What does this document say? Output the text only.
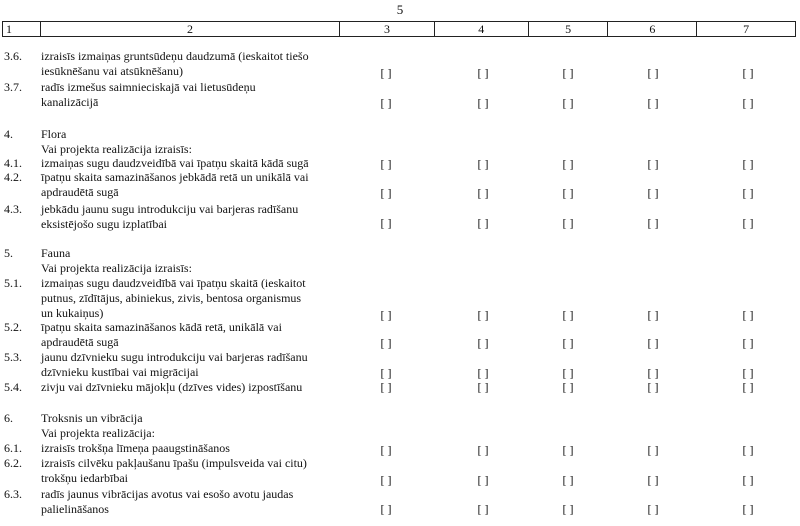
5
1	2	3	4	5	6	7
3.6. izraisīs izmaiņas gruntsūdeņu daudzumā (ieskaitot tiešo
iesūknēšanu vai atsūknēšanu)	[ ]	[ ]	[ ]	[ ]	[ ]
3.7. radīs izmešus saimnieciskajā vai lietusūdeņu
kanalizācijā	[ ]	[ ]	[ ]	[ ]	[ ]
4. Flora
Vai projekta realizācija izraisīs:
4.1. izmaiņas sugu daudzveidībā vai īpatņu skaitā kādā sugā	[ ]	[ ]	[ ]	[ ]	[ ]
4.2. īpatņu skaita samazināšanos jebkādā retā un unikālā vai
apdraudētā sugā	[ ]	[ ]	[ ]	[ ]	[ ]
4.3. jebkādu jaunu sugu introdukciju vai barjeras radīšanu
eksistējošo sugu izplatībai	[ ]	[ ]	[ ]	[ ]	[ ]
5. Fauna
Vai projekta realizācija izraisīs:
5.1. izmaiņas sugu daudzveidībā vai īpatņu skaitā (ieskaitot
putnus, zīdītājus, abiniekus, zivis, bentosa organismus
un kukaiņus)	[ ]	[ ]	[ ]	[ ]	[ ]
5.2. īpatņu skaita samazināšanos kādā retā, unikālā vai
apdraudētā sugā	[ ]	[ ]	[ ]	[ ]	[ ]
5.3. jaunu dzīvnieku sugu introdukciju vai barjeras radīšanu
dzīvnieku kustībai vai migrācijai	[ ]	[ ]	[ ]	[ ]	[ ]
5.4. zivju vai dzīvnieku mājokļu (dzīves vides) izpostīšanu	[ ]	[ ]	[ ]	[ ]	[ ]
6. Troksnis un vibrācija
Vai projekta realizācija:
6.1. izraisīs trokšņa līmeņa paaugstināšanos	[ ]	[ ]	[ ]	[ ]	[ ]
6.2. izraisīs cilvēku pakļaušanu īpašu (impulsveida vai citu)
trokšņu iedarbībai	[ ]	[ ]	[ ]	[ ]	[ ]
6.3. radīs jaunus vibrācijas avotus vai esošo avotu jaudas
palielināšanos	[ ]	[ ]	[ ]	[ ]	[ ]
